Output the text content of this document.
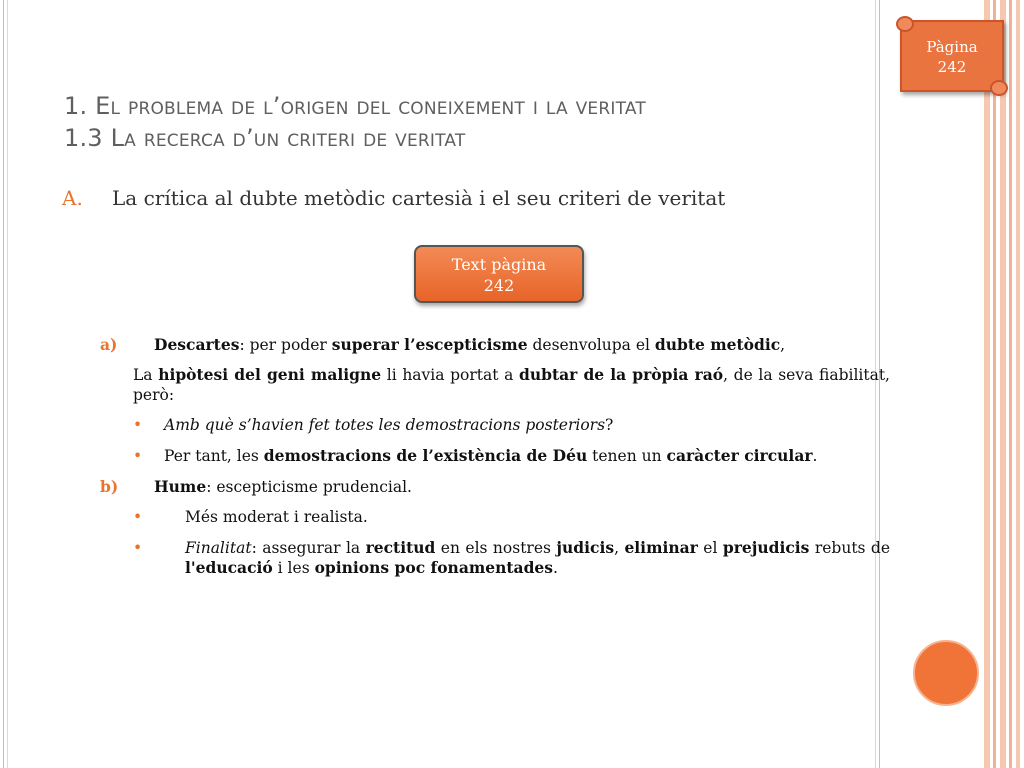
Pàgina
242
1. El problema de l’origen del coneixement i la veritat
1.3 La recerca d’un criteri de veritat
A. La crítica al dubte metòdic cartesià i el seu criteri de veritat
Text pàgina
242
a) Descartes: per poder superar l’escepticisme desenvolupa el dubte metòdic,
La hipòtesi del geni maligne li havia portat a dubtar de la pròpia raó, de la seva fiabilitat, però:
• Amb què s’havien fet totes les demostracions posteriors?
• Per tant, les demostracions de l’existència de Déu tenen un caràcter circular.
b) Hume: escepticisme prudencial.
•	Més moderat i realista.
•	Finalitat: assegurar la rectitud en els nostres judicis, eliminar el prejudicis rebuts de l'educació i les opinions poc fonamentades.
